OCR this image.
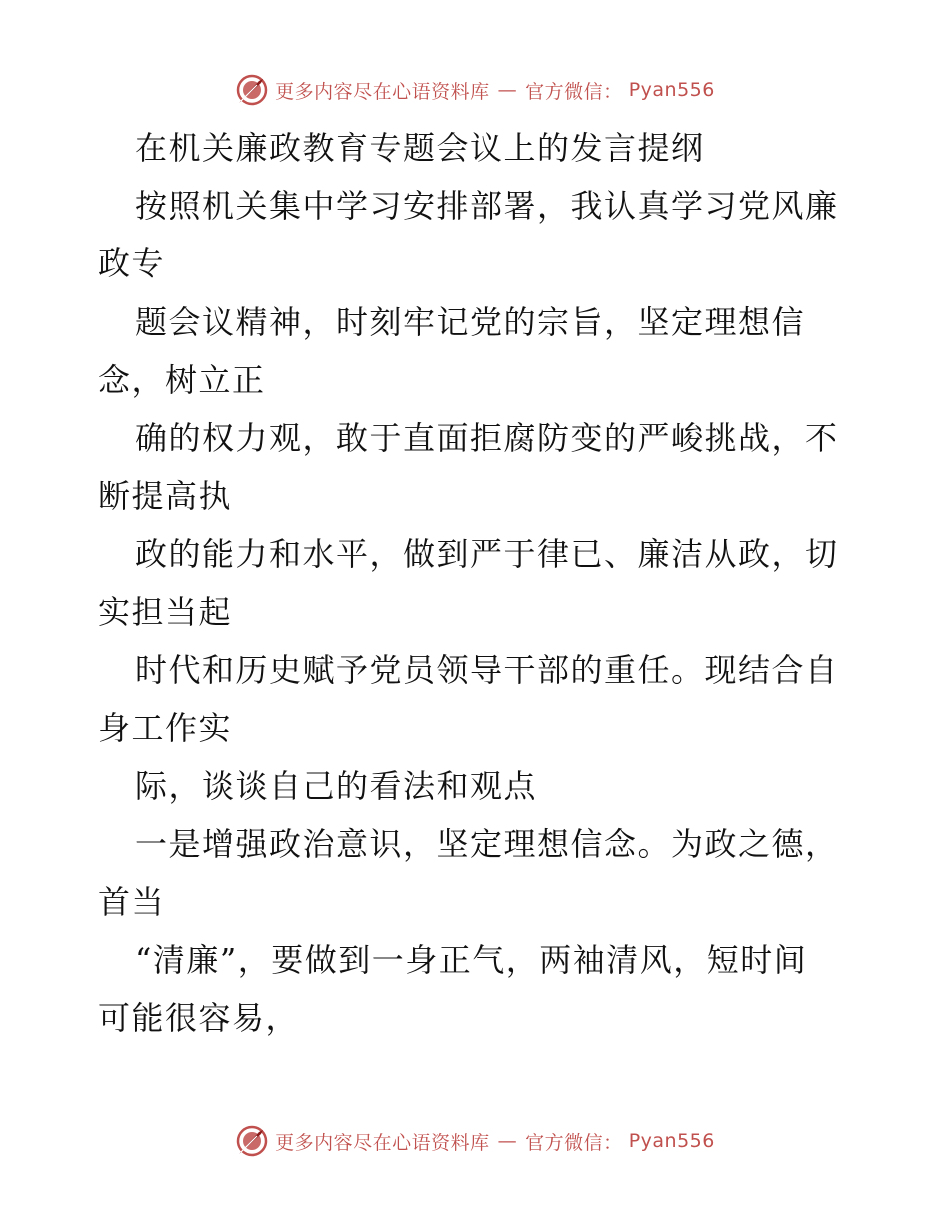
更多内容尽在心语资料库 — 官方微信： Pyan556
在机关廉政教育专题会议上的发言提纲
按照机关集中学习安排部署，我认真学习党风廉
政专
题会议精神，时刻牢记党的宗旨，坚定理想信
念，树立正
确的权力观，敢于直面拒腐防变的严峻挑战，不
断提高执
政的能力和水平，做到严于律已、廉洁从政，切
实担当起
时代和历史赋予党员领导干部的重任。现结合自
身工作实
际，谈谈自己的看法和观点
一是增强政治意识，坚定理想信念。为政之德，
首当
“清廉”，要做到一身正气，两袖清风，短时间
可能很容易，
更多内容尽在心语资料库 — 官方微信： Pyan556
